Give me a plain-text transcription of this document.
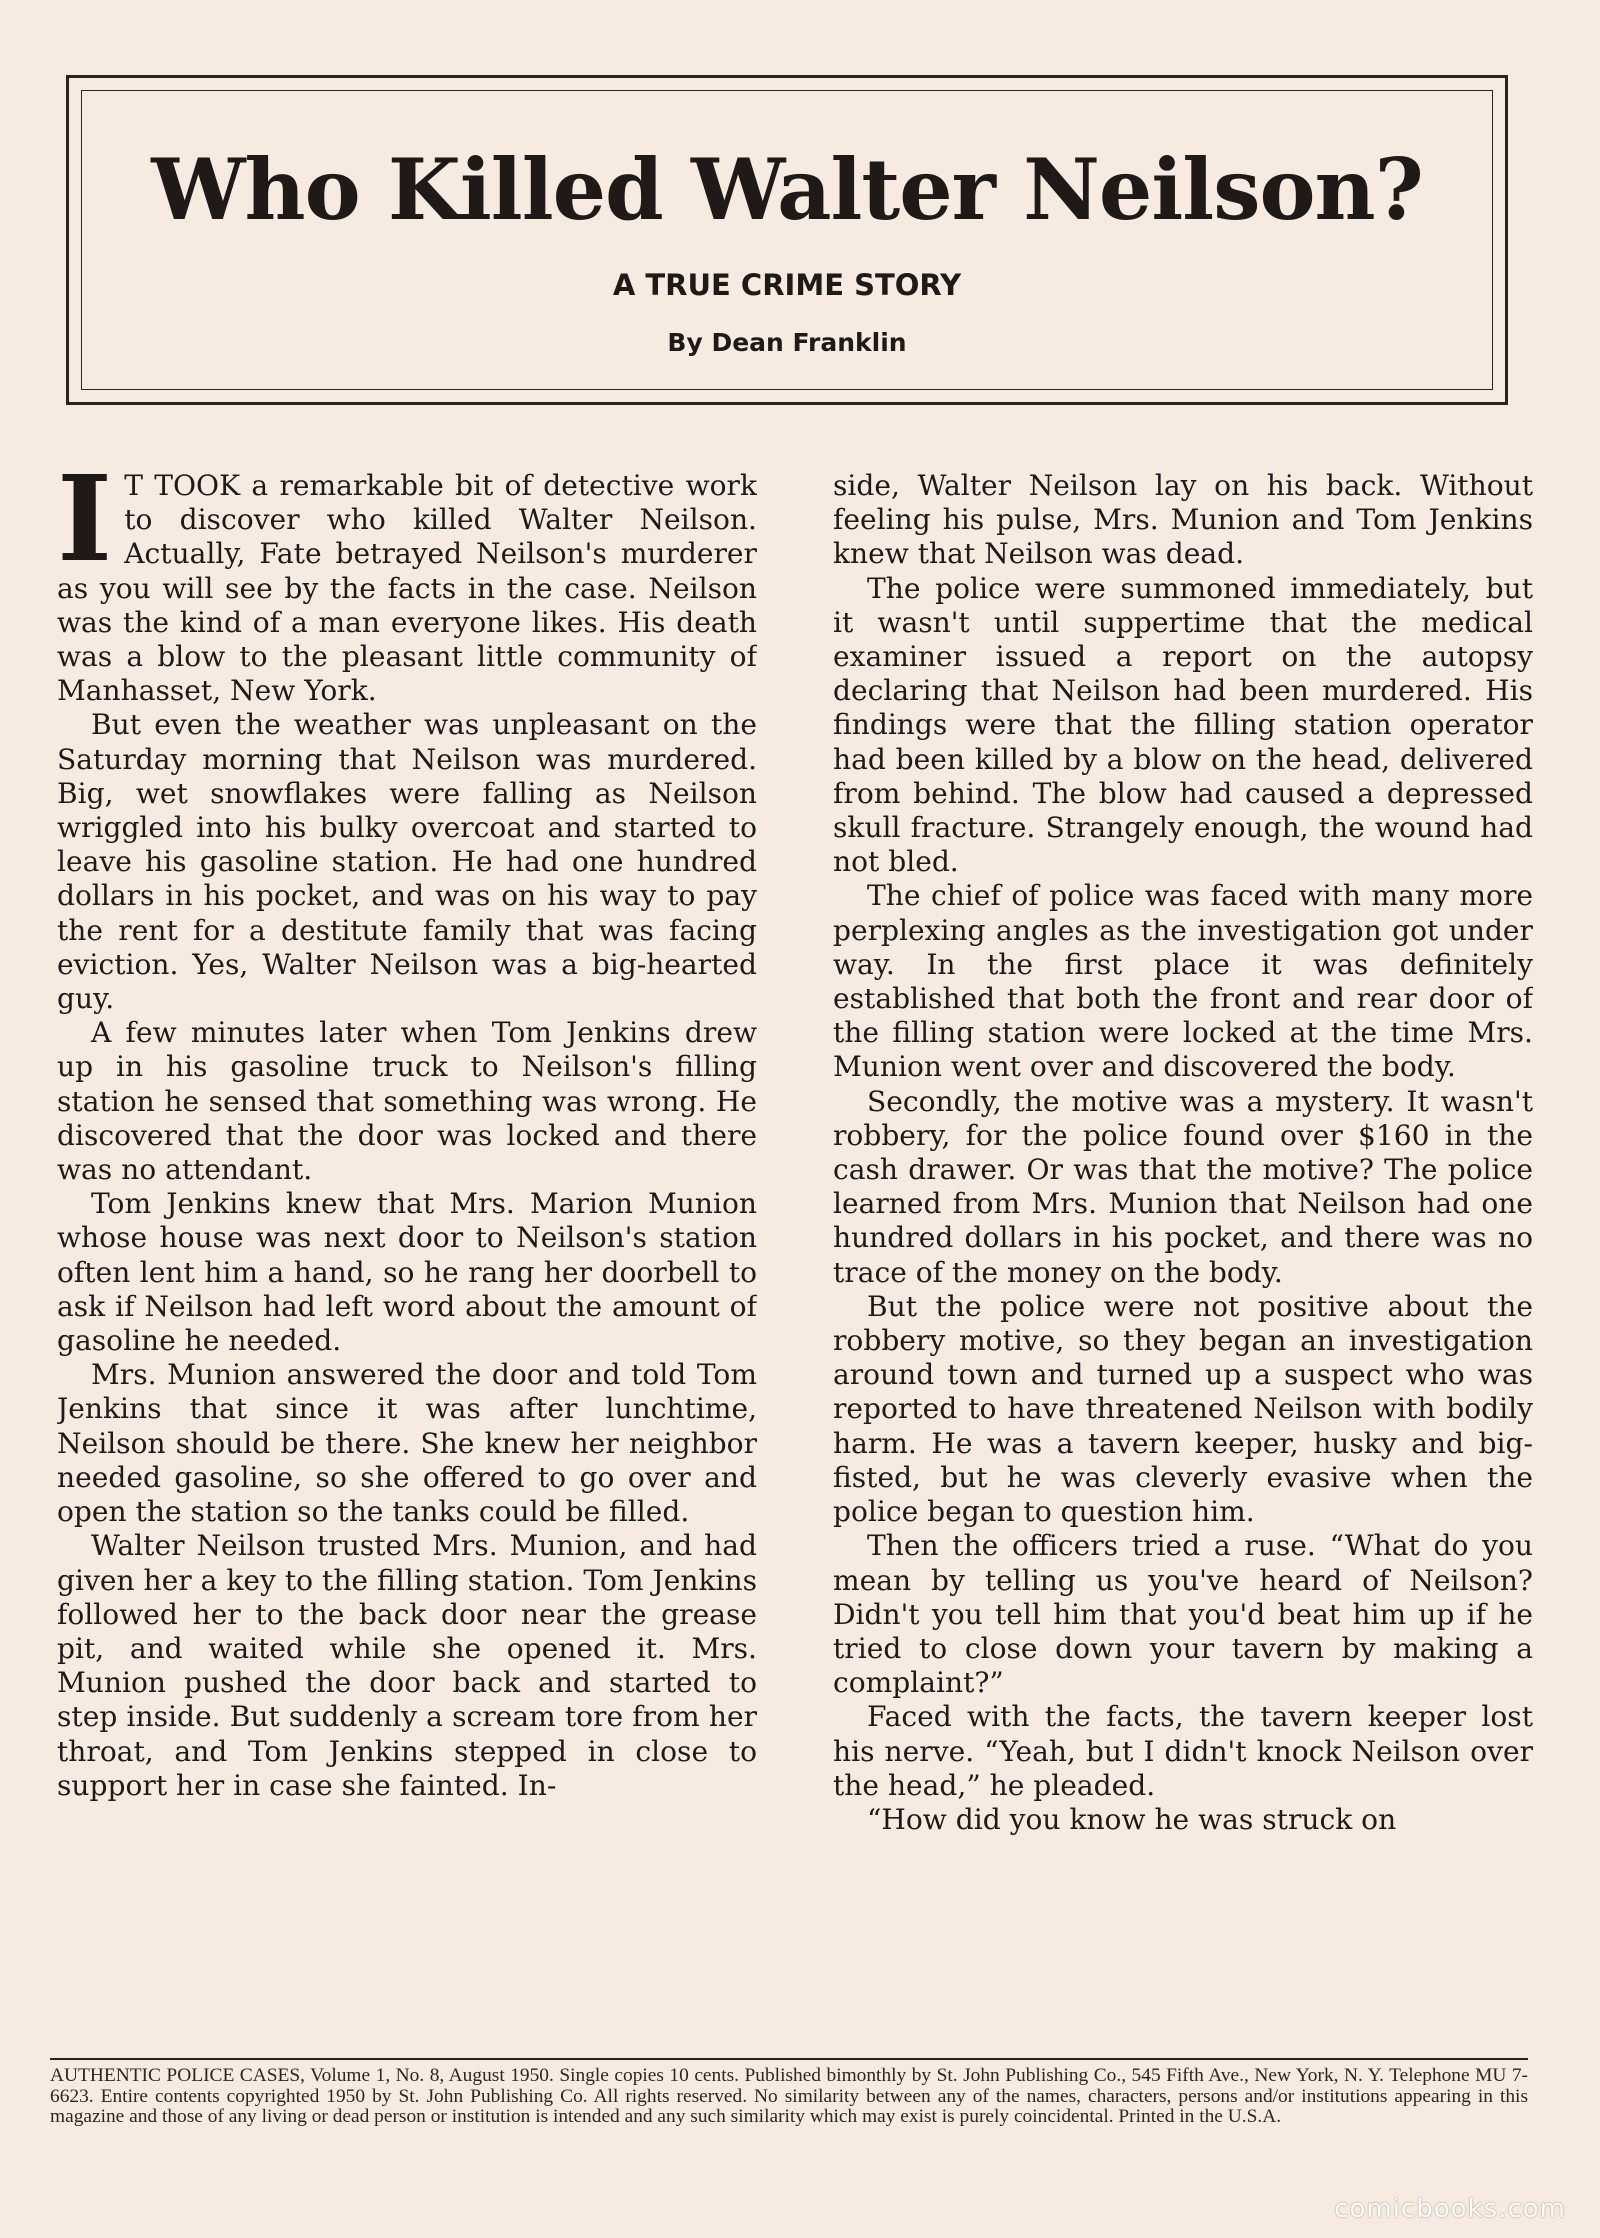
Who Killed Walter Neilson?
A TRUE CRIME STORY
By Dean Franklin

I T TOOK a remarkable bit of detective work to discover who killed Walter Neilson. Actually, Fate betrayed Neilson's murderer as you will see by the facts in the case. Neilson was the kind of a man everyone likes. His death was a blow to the pleasant little community of Manhasset, New York.

But even the weather was unpleasant on the Saturday morning that Neilson was murdered. Big, wet snowflakes were falling as Neilson wriggled into his bulky overcoat and started to leave his gasoline station. He had one hundred dollars in his pocket, and was on his way to pay the rent for a destitute family that was facing eviction. Yes, Walter Neilson was a big-hearted guy.

A few minutes later when Tom Jenkins drew up in his gasoline truck to Neilson's filling station he sensed that something was wrong. He discovered that the door was locked and there was no attendant.

Tom Jenkins knew that Mrs. Marion Munion whose house was next door to Neilson's station often lent him a hand, so he rang her doorbell to ask if Neilson had left word about the amount of gasoline he needed.

Mrs. Munion answered the door and told Tom Jenkins that since it was after lunchtime, Neilson should be there. She knew her neighbor needed gasoline, so she offered to go over and open the station so the tanks could be filled.

Walter Neilson trusted Mrs. Munion, and had given her a key to the filling station. Tom Jenkins followed her to the back door near the grease pit, and waited while she opened it. Mrs. Munion pushed the door back and started to step inside. But suddenly a scream tore from her throat, and Tom Jenkins stepped in close to support her in case she fainted. In-

side, Walter Neilson lay on his back. Without feeling his pulse, Mrs. Munion and Tom Jenkins knew that Neilson was dead.

The police were summoned immediately, but it wasn't until suppertime that the medical examiner issued a report on the autopsy declaring that Neilson had been murdered. His findings were that the filling station operator had been killed by a blow on the head, delivered from behind. The blow had caused a depressed skull fracture. Strangely enough, the wound had not bled.

The chief of police was faced with many more perplexing angles as the investigation got under way. In the first place it was definitely established that both the front and rear door of the filling station were locked at the time Mrs. Munion went over and discovered the body.

Secondly, the motive was a mystery. It wasn't robbery, for the police found over $160 in the cash drawer. Or was that the motive? The police learned from Mrs. Munion that Neilson had one hundred dollars in his pocket, and there was no trace of the money on the body.

But the police were not positive about the robbery motive, so they began an investigation around town and turned up a suspect who was reported to have threatened Neilson with bodily harm. He was a tavern keeper, husky and big-fisted, but he was cleverly evasive when the police began to question him.

Then the officers tried a ruse. “What do you mean by telling us you've heard of Neilson? Didn't you tell him that you'd beat him up if he tried to close down your tavern by making a complaint?”

Faced with the facts, the tavern keeper lost his nerve. “Yeah, but I didn't knock Neilson over the head,” he pleaded.

“How did you know he was struck on

AUTHENTIC POLICE CASES, Volume 1, No. 8, August 1950. Single copies 10 cents. Published bimonthly by St. John Publishing Co., 545 Fifth Ave., New York, N. Y. Telephone MU 7-6623. Entire contents copyrighted 1950 by St. John Publishing Co. All rights reserved. No similarity between any of the names, characters, persons and/or institutions appearing in this magazine and those of any living or dead person or institution is intended and any such similarity which may exist is purely coincidental. Printed in the U.S.A.
comicbooks.com
